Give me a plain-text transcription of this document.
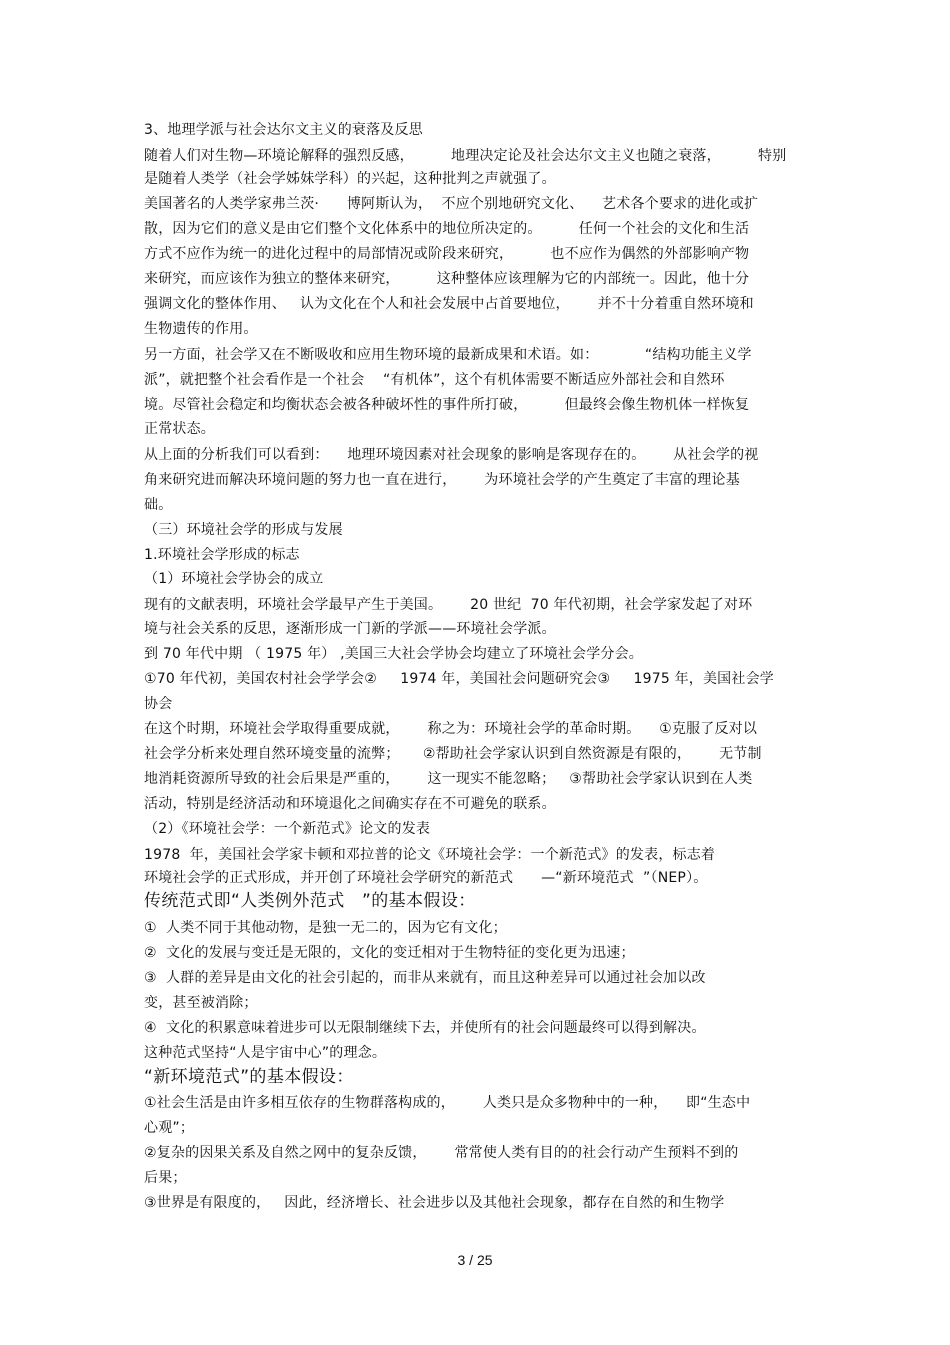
3、地理学派与社会达尔文主义的衰落及反思
随着人们对生物—环境论解释的强烈反感，        地理决定论及社会达尔文主义也随之衰落，        特别
是随着人类学（社会学姊妹学科）的兴起，这种批判之声就强了。
美国著名的人类学家弗兰茨·      博阿斯认为，  不应个别地研究文化、    艺术各个要求的进化或扩
散，因为它们的意义是由它们整个文化体系中的地位所决定的。        任何一个社会的文化和生活
方式不应作为统一的进化过程中的局部情况或阶段来研究，        也不应作为偶然的外部影响产物
来研究，而应该作为独立的整体来研究，        这种整体应该理解为它的内部统一。因此，他十分
强调文化的整体作用、   认为文化在个人和社会发展中占首要地位，      并不十分着重自然环境和
生物遗传的作用。
另一方面，社会学又在不断吸收和应用生物环境的最新成果和术语。如：          “结构功能主义学
派”，就把整个社会看作是一个社会    “有机体”，这个有机体需要不断适应外部社会和自然环
境。尽管社会稳定和均衡状态会被各种破坏性的事件所打破，        但最终会像生物机体一样恢复
正常状态。
从上面的分析我们可以看到：    地理环境因素对社会现象的影响是客现存在的。      从社会学的视
角来研究进而解决环境问题的努力也一直在进行，      为环境社会学的产生奠定了丰富的理论基
础。
（三）环境社会学的形成与发展
1.环境社会学形成的标志
（1）环境社会学协会的成立
现有的文献表明，环境社会学最早产生于美国。      20 世纪  70 年代初期，社会学家发起了对环
境与社会关系的反思，逐渐形成一门新的学派——环境社会学派。
到 70 年代中期 （ 1975 年） ,美国三大社会学协会均建立了环境社会学分会。
①70 年代初，美国农村社会学学会②     1974 年，美国社会问题研究会③     1975 年，美国社会学
协会
在这个时期，环境社会学取得重要成就，      称之为：环境社会学的革命时期。    ①克服了反对以
社会学分析来处理自然环境变量的流弊；     ②帮助社会学家认识到自然资源是有限的，      无节制
地消耗资源所导致的社会后果是严重的，      这一现实不能忽略；   ③帮助社会学家认识到在人类
活动，特别是经济活动和环境退化之间确实存在不可避免的联系。
（2）《环境社会学：一个新范式》论文的发表
1978  年，美国社会学家卡顿和邓拉普的论文《环境社会学：一个新范式》的发表，标志着
环境社会学的正式形成，并开创了环境社会学研究的新范式      —“新环境范式  ”（NEP）。
传统范式即“人类例外范式   ”的基本假设：
①  人类不同于其他动物，是独一无二的，因为它有文化；
②  文化的发展与变迁是无限的，文化的变迁相对于生物特征的变化更为迅速；
③  人群的差异是由文化的社会引起的，而非从来就有，而且这种差异可以通过社会加以改
变，甚至被消除；
④  文化的积累意味着进步可以无限制继续下去，并使所有的社会问题最终可以得到解决。
这种范式坚持“人是宇宙中心”的理念。
“新环境范式”的基本假设：
①社会生活是由许多相互依存的生物群落构成的，      人类只是众多物种中的一种，    即“生态中
心观”；
②复杂的因果关系及自然之网中的复杂反馈，      常常使人类有目的的社会行动产生预料不到的
后果；
③世界是有限度的，   因此，经济增长、社会进步以及其他社会现象，都存在自然的和生物学
3 / 25
